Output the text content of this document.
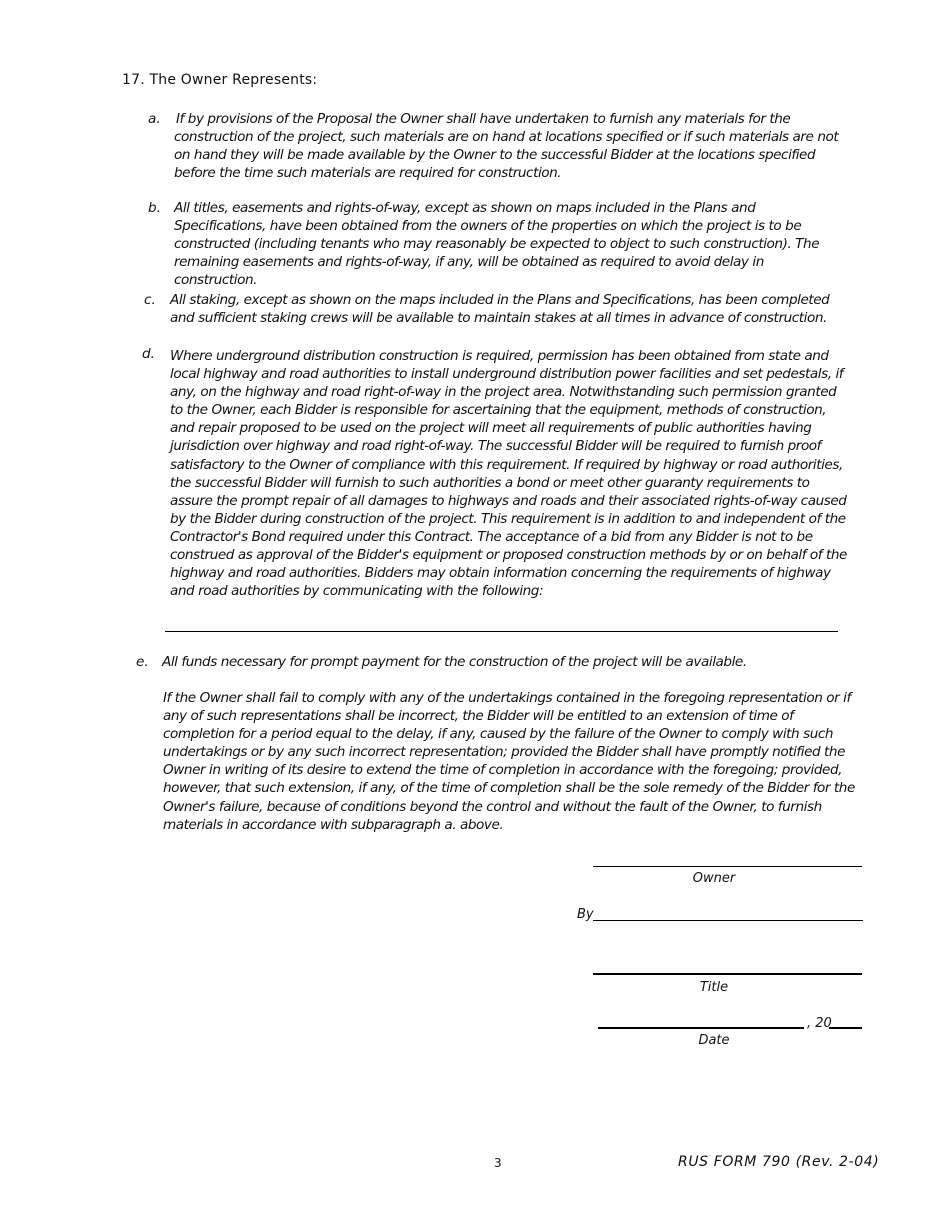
17. The Owner Represents:
a. If by provisions of the Proposal the Owner shall have undertaken to furnish any materials for the construction of the project, such materials are on hand at locations specified or if such materials are not on hand they will be made available by the Owner to the successful Bidder at the locations specified before the time such materials are required for construction.
b. All titles, easements and rights-of-way, except as shown on maps included in the Plans and Specifications, have been obtained from the owners of the properties on which the project is to be constructed (including tenants who may reasonably be expected to object to such construction). The remaining easements and rights-of-way, if any, will be obtained as required to avoid delay in construction.
c. All staking, except as shown on the maps included in the Plans and Specifications, has been completed and sufficient staking crews will be available to maintain stakes at all times in advance of construction.
d. Where underground distribution construction is required, permission has been obtained from state and local highway and road authorities to install underground distribution power facilities and set pedestals, if any, on the highway and road right-of-way in the project area. Notwithstanding such permission granted to the Owner, each Bidder is responsible for ascertaining that the equipment, methods of construction, and repair proposed to be used on the project will meet all requirements of public authorities having jurisdiction over highway and road right-of-way. The successful Bidder will be required to furnish proof satisfactory to the Owner of compliance with this requirement. If required by highway or road authorities, the successful Bidder will furnish to such authorities a bond or meet other guaranty requirements to assure the prompt repair of all damages to highways and roads and their associated rights-of-way caused by the Bidder during construction of the project. This requirement is in addition to and independent of the Contractor's Bond required under this Contract. The acceptance of a bid from any Bidder is not to be construed as approval of the Bidder's equipment or proposed construction methods by or on behalf of the highway and road authorities. Bidders may obtain information concerning the requirements of highway and road authorities by communicating with the following:
e. All funds necessary for prompt payment for the construction of the project will be available.
If the Owner shall fail to comply with any of the undertakings contained in the foregoing representation or if any of such representations shall be incorrect, the Bidder will be entitled to an extension of time of completion for a period equal to the delay, if any, caused by the failure of the Owner to comply with such undertakings or by any such incorrect representation; provided the Bidder shall have promptly notified the Owner in writing of its desire to extend the time of completion in accordance with the foregoing; provided, however, that such extension, if any, of the time of completion shall be the sole remedy of the Bidder for the Owner's failure, because of conditions beyond the control and without the fault of the Owner, to furnish materials in accordance with subparagraph a. above.
Owner
By
Title
, 20
Date
3	RUS FORM 790 (Rev. 2-04)
